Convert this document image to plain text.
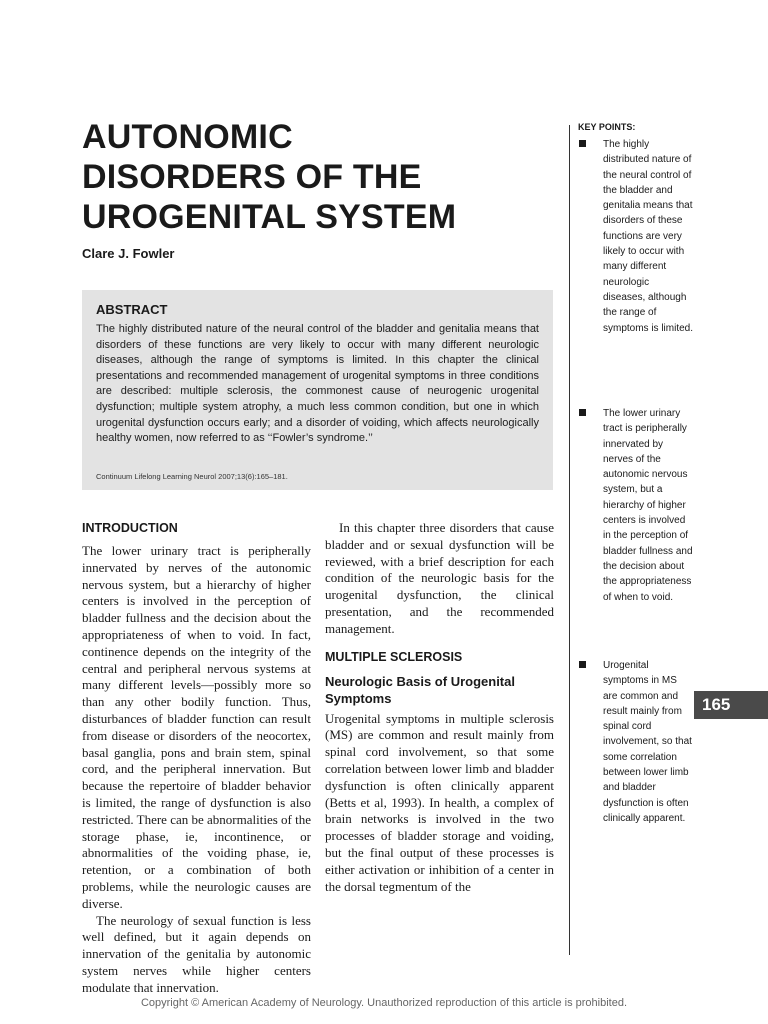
AUTONOMIC
DISORDERS OF THE
UROGENITAL SYSTEM
Clare J. Fowler
ABSTRACT

The highly distributed nature of the neural control of the bladder and genitalia means that disorders of these functions are very likely to occur with many different neurologic diseases, although the range of symptoms is limited. In this chapter the clinical presentations and recommended management of urogenital symptoms in three conditions are described: multiple sclerosis, the commonest cause of neurogenic urogenital dysfunction; multiple system atrophy, a much less common condition, but one in which urogenital dysfunction occurs early; and a disorder of voiding, which affects neurologically healthy women, now referred to as ‘‘Fowler’s syndrome.’’

Continuum Lifelong Learning Neurol 2007;13(6):165–181.
INTRODUCTION

The lower urinary tract is peripherally innervated by nerves of the autonomic nervous system, but a hierarchy of higher centers is involved in the perception of bladder fullness and the decision about the appropriateness of when to void. In fact, continence depends on the integrity of the central and peripheral nervous systems at many different levels—possibly more so than any other bodily function. Thus, disturbances of bladder function can result from disease or disorders of the neocortex, basal ganglia, pons and brain stem, spinal cord, and the peripheral innervation. But because the repertoire of bladder behavior is limited, the range of dysfunction is also restricted. There can be abnormalities of the storage phase, ie, incontinence, or abnormalities of the voiding phase, ie, retention, or a combination of both problems, while the neurologic causes are diverse.

The neurology of sexual function is less well defined, but it again depends on innervation of the genitalia by autonomic system nerves while higher centers modulate that innervation.

In this chapter three disorders that cause bladder and or sexual dysfunction will be reviewed, with a brief description for each condition of the neurologic basis for the urogenital dysfunction, the clinical presentation, and the recommended management.

MULTIPLE SCLEROSIS
Neurologic Basis of Urogenital Symptoms

Urogenital symptoms in multiple sclerosis (MS) are common and result mainly from spinal cord involvement, so that some correlation between lower limb and bladder dysfunction is often clinically apparent (Betts et al, 1993). In health, a complex of brain networks is involved in the two processes of bladder storage and voiding, but the final output of these processes is either activation or inhibition of a center in the dorsal tegmentum of the

KEY POINTS:

The highly distributed nature of the neural control of the bladder and genitalia means that disorders of these functions are very likely to occur with many different neurologic diseases, although the range of symptoms is limited.

The lower urinary tract is peripherally innervated by nerves of the autonomic nervous system, but a hierarchy of higher centers is involved in the perception of bladder fullness and the decision about the appropriateness of when to void.

Urogenital symptoms in MS are common and result mainly from spinal cord involvement, so that some correlation between lower limb and bladder dysfunction is often clinically apparent.

165
Copyright © American Academy of Neurology. Unauthorized reproduction of this article is prohibited.
